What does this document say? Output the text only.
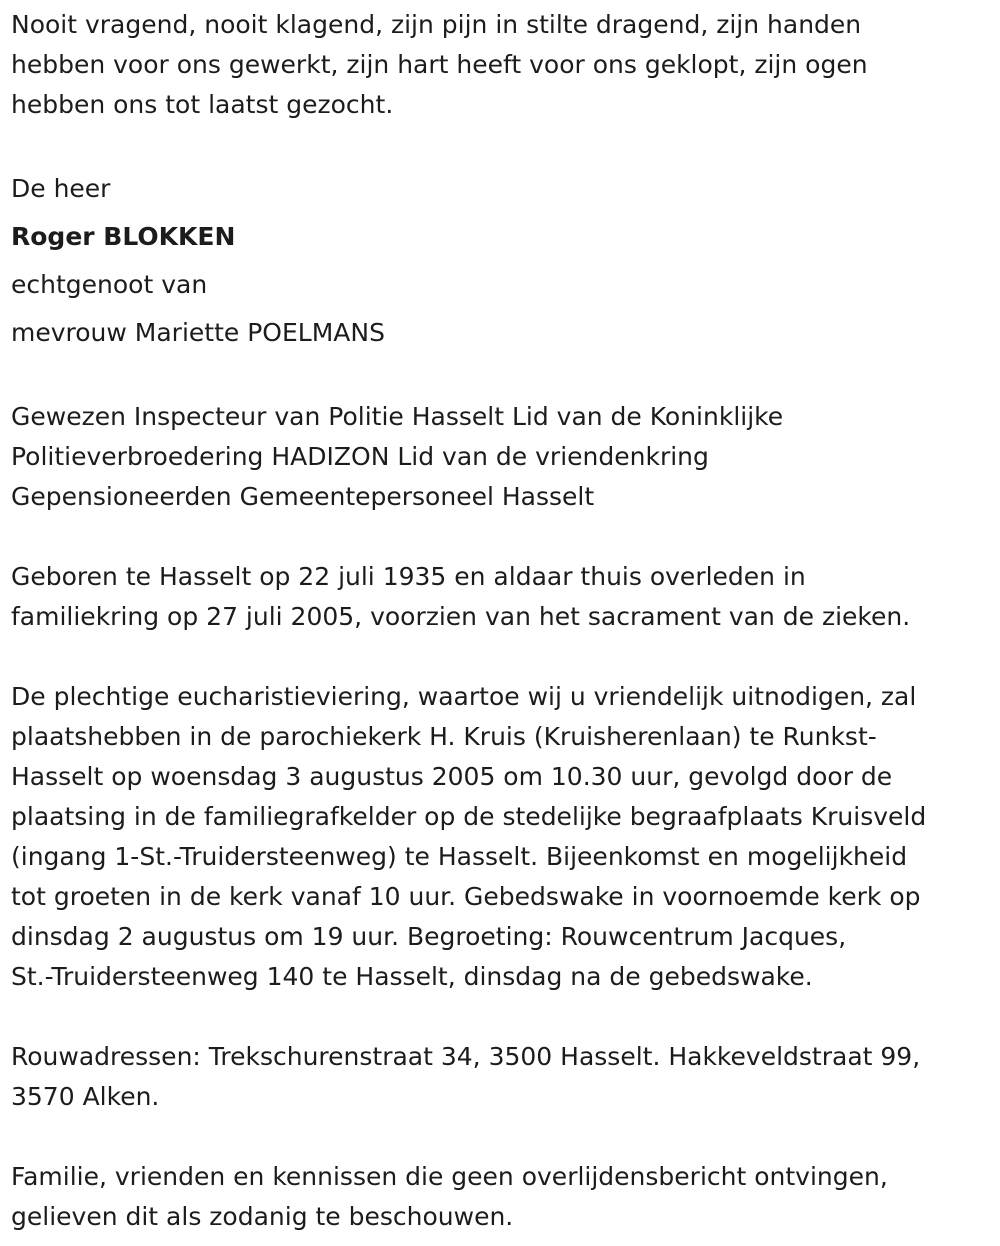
Nooit vragend, nooit klagend, zijn pijn in stilte dragend, zijn handen
hebben voor ons gewerkt, zijn hart heeft voor ons geklopt, zijn ogen
hebben ons tot laatst gezocht.

De heer

Roger BLOKKEN

echtgenoot van

mevrouw Mariette POELMANS

Gewezen Inspecteur van Politie Hasselt Lid van de Koninklijke
Politieverbroedering HADIZON Lid van de vriendenkring
Gepensioneerden Gemeentepersoneel Hasselt

Geboren te Hasselt op 22 juli 1935 en aldaar thuis overleden in
familiekring op 27 juli 2005, voorzien van het sacrament van de zieken.

De plechtige eucharistieviering, waartoe wij u vriendelijk uitnodigen, zal
plaatshebben in de parochiekerk H. Kruis (Kruisherenlaan) te Runkst-
Hasselt op woensdag 3 augustus 2005 om 10.30 uur, gevolgd door de
plaatsing in de familiegrafkelder op de stedelijke begraafplaats Kruisveld
(ingang 1-St.-Truidersteenweg) te Hasselt. Bijeenkomst en mogelijkheid
tot groeten in de kerk vanaf 10 uur. Gebedswake in voornoemde kerk op
dinsdag 2 augustus om 19 uur. Begroeting: Rouwcentrum Jacques,
St.-Truidersteenweg 140 te Hasselt, dinsdag na de gebedswake.

Rouwadressen: Trekschurenstraat 34, 3500 Hasselt. Hakkeveldstraat 99,
3570 Alken.

Familie, vrienden en kennissen die geen overlijdensbericht ontvingen,
gelieven dit als zodanig te beschouwen.
